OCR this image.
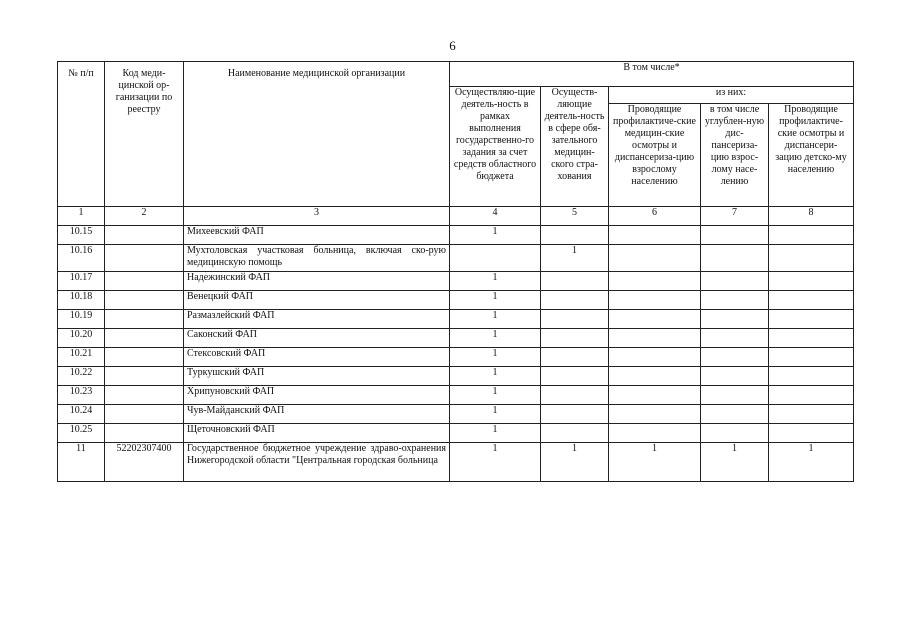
6
№ п/п	Код меди-цинской ор-ганизации по реестру	Наименование медицинской организации	В том числе*				
			Осуществляю-щие деятель-ность в рамках выполнения государственно-го задания за счет средств областного бюджета	Осуществ-ляющие деятель-ность в сфере обя-зательного медицин-ского стра-хования	из них:		
					Проводящие профилактиче-ские медицин-ские осмотры и диспансериза-цию взрослому населению	в том числе углублен-ную дис-пансериза-цию взрос-лому насе-лению	Проводящие профилактиче-ские осмотры и диспансери-зацию детско-му населению
1	2	3	4	5	6	7	8
10.15		Михеевский ФАП	1				
10.16		Мухтоловская участковая больница, включая ско-рую медицинскую помощь		1			
10.17		Надежинский ФАП	1				
10.18		Венецкий ФАП	1				
10.19		Размазлейский ФАП	1				
10.20		Саконский ФАП	1				
10.21		Стексовский ФАП	1				
10.22		Туркушский ФАП	1				
10.23		Хрипуновский ФАП	1				
10.24		Чув-Майданский ФАП	1				
10.25		Щеточновский ФАП	1				
11	52202307400	Государственное бюджетное учреждение здраво-охранения Нижегородской области "Центральная городская больница	1	1	1	1	1
